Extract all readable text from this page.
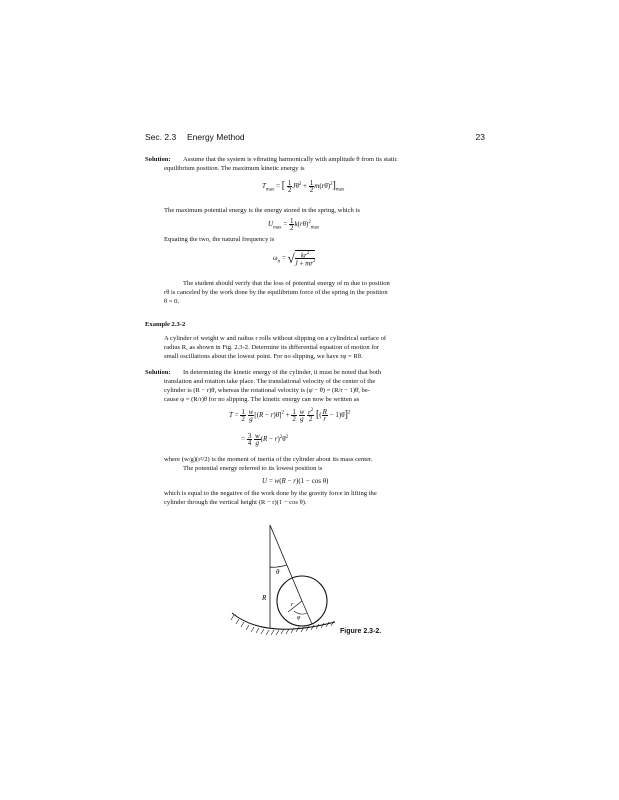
Sec. 2.3 Energy Method	23
Solution: Assume that the system is vibrating harmonically with amplitude θ from its static
equilibrium position. The maximum kinetic energy is
$T_{max}$ = [ $\frac{1}{2}$ Jθ̇$^2$ + $\frac{1}{2}$ $m(r\thetȧ)^2]_{max}$
The maximum potential energy is the energy stored in the spring, which is
$U_{max} = \frac{1}{2} k(r\theta)^2_{max}$
Equating the two, the natural frequency is
$\omega_n$ = √ $\frac{kr^2}{J + mr^2}$
The student should verify that the loss of potential energy of m due to position
rθ is canceled by the work done by the equilibrium force of the spring in the position
θ = 0.
Example 2.3-2
A cylinder of weight w and radius r rolls without slipping on a cylindrical surface of
radius R, as shown in Fig. 2.3-2. Determine its differential equation of motion for
small oscillations about the lowest point. For no slipping, we have rφ = Rθ.
Solution: In determining the kinetic energy of the cylinder, it must be noted that both
translation and rotation take place. The translational velocity of the center of the
cylinder is (R − r)θ̇, whereas the rotational velocity is (φ̇ − θ̇) = (R/r − 1)θ̇, be-
cause φ = (R/r)θ for no slipping. The kinetic energy can now be written as
$T = \frac{1}{2}$
$\frac{w}{g} [(R$ − r)θ̇]$^2$ + $\frac{1}{2}$
$\frac{w}{g}$
$\frac{r^2}{2}$ [( $\frac{R}{r}$ − 1)θ̇]$^2$
= $\frac{3}{4}$
$\frac{w}{g} (R$ − $r)^2\thetȧ^2$
where (w/g)(r²/2) is the moment of inertia of the cylinder about its mass center.
The potential energy referred to its lowest position is
U = w(R − r)(1 − cos θ)
which is equal to the negative of the work done by the gravity force in lifting the
cylinder through the vertical height (R − r)(1 − cos θ).
θ
R
r
φ
Figure 2.3-2.
